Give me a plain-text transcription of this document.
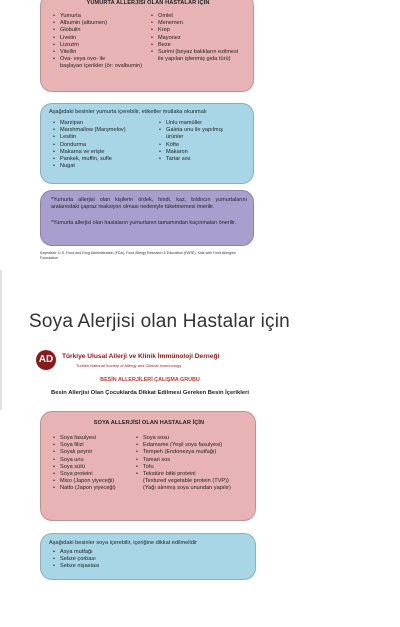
YUMURTA ALLERJİSİ OLAN HASTALAR İÇİN
• Yumurta
• Albumin (albumen)
• Globulin
• Livetin
• Lizozim
• Vitellin
• Ova- veya ovo- ile
başlayan içerikler (ör: ovalbumin)
• Omlet
• Menemen
• Krep
• Mayonez
• Beze
• Surimi (beyaz balıkların ezilmesi
ile yapılan işlenmiş gıda türü)
Aşağıdaki besinler yumurta içerebilir, etiketler mutlaka okunmalı
• Marzipan
• Marshmallow (Marşmelov)
• Lesitin
• Dondurma
• Makarna ve erişte
• Pankek, muffin, sufle
• Nugat
• Unlu mamüller
• Galeta unu ile yapılmış
ürünler
• Köfte
• Makaron
• Tartar sos
*Yumurta allerjisi olan kişilerin ördek, hindi, kaz, bıldırcın yumurtalarını aralarındaki çapraz reaksiyon olması nedeniyle tüketmemesi önerilir.
*Yumurta allerjisi olan hastaların yumurtanın tamamından kaçınmaları önerilir.
Kaynaklar: U.S. Food and Drug Administration (FDA), Food Allergy Research & Education (FARE), Kids with Food Allergies Foundation
Soya Alerjisi olan Hastalar için
AD	Türkiye Ulusal Allerji ve Klinik İmmünoloji Derneği
Turkish National Society of Allergy and Clinical Immunology
BESİN ALLERJİLERİ ÇALIŞMA GRUBU
Besin Allerjisi Olan Çocuklarda Dikkat Edilmesi Gereken Besin İçerikleri
SOYA ALLERJİSİ OLAN HASTALAR İÇİN
• Soya fasulyesi
• Soya filizi
• Soyalı peynir
• Soya unu
• Soya sütü
• Soya proteini
• Miso (Japon yiyeceği)
• Natto (Japon yiyeceği)
• Soya sosu
• Edamame (Yeşil soya fasulyesi)
• Tempeh (Endonezya mutfağı)
• Tamari sos
• Tofu
• Tekstüre bitki proteini
(Textured vegetable protein (TVP))
(Yağı alınmış soya unundan yapılır)
Aşağıdaki besinler soya içerebilir, içeriğine dikkat edilmelidir
• Asya mutfağı
• Sebze çorbası
• Sebze nişastası
